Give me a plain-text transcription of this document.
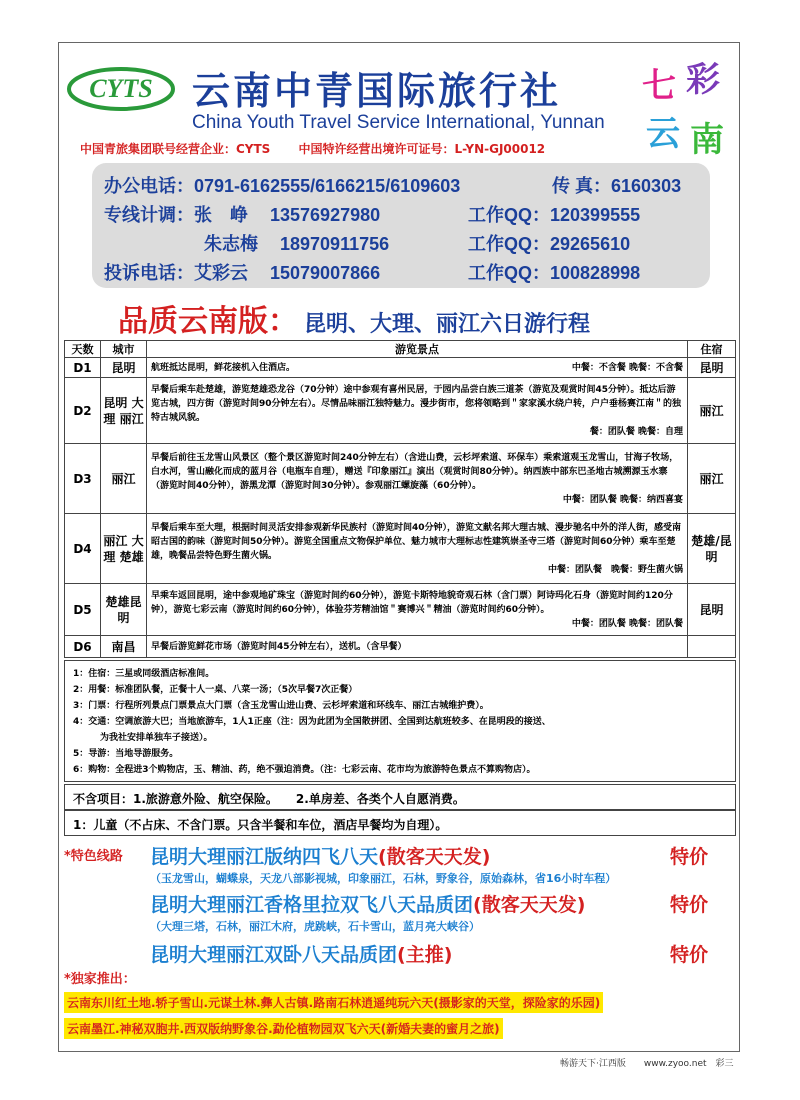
CYTS 云南中青国际旅行社
China Youth Travel Service International, Yunnan
七 彩
云 南
中国青旅集团联号经营企业：CYTS 中国特许经营出境许可证号：L-YN-GJ00012
办公电话：0791-6162555/6166215/6109603	传 真：6160303
专线计调：张　峥 13576927980	工作QQ：120399555
朱志梅 18970911756	工作QQ：29265610
投诉电话：艾彩云 15079007866	工作QQ：100828998
品质云南版： 昆明、大理、丽江六日游行程
天数	城市	游览景点	住宿
D1	昆明	航班抵达昆明，鲜花接机入住酒店。 中餐：不含餐 晚餐：不含餐	昆明
D2	昆明 大理 丽江	早餐后乘车赴楚雄，游览楚雄恐龙谷（70分钟）途中参观有喜州民居，于园内品尝白族三道茶（游览及观赏时间45分钟）。抵达后游览古城，四方街（游览时间90分钟左右）。尽情品味丽江独特魅力。漫步街市，您将领略到＂家家溪水绕户转，户户垂杨赛江南＂的独特古城风貌。
餐：团队餐 晚餐：自理	丽江
D3	丽江	早餐后前往玉龙雪山风景区（整个景区游览时间240分钟左右）（含进山费，云杉坪索道、环保车）乘索道观玉龙雪山，甘海子牧场，白水河，雪山融化而成的蓝月谷（电瓶车自理），赠送『印象丽江』演出（观赏时间80分钟）。纳西族中部东巴圣地古城溯源玉水寨（游览时间40分钟），游黑龙潭（游览时间30分钟）。参观丽江螺旋藻（60分钟）。
中餐：团队餐 晚餐：纳西喜宴	丽江
D4	丽江 大理 楚雄	早餐后乘车至大理，根据时间灵活安排参观新华民族村（游览时间40分钟），游览文献名邦大理古城、漫步驰名中外的洋人街，感受南昭古国的韵味（游览时间50分钟）。游览全国重点文物保护单位、魅力城市大理标志性建筑崇圣寺三塔（游览时间60分钟）乘车至楚雄，晚餐品尝特色野生菌火锅。
中餐：团队餐　晚餐：野生菌火锅	楚雄/昆明
D5	楚雄昆明	早乘车返回昆明，途中参观地矿珠宝（游览时间约60分钟），游览卡斯特地貌奇观石林（含门票）阿诗玛化石身（游览时间约120分钟），游览七彩云南（游览时间约60分钟），体验芬芳精油馆＂赛博兴＂精油（游览时间约60分钟）。
中餐：团队餐 晚餐：团队餐	昆明
D6	南昌	早餐后游览鲜花市场（游览时间45分钟左右），送机。（含早餐）	
1：住宿：三星或同级酒店标准间。
2：用餐：标准团队餐，正餐十人一桌、八菜一汤；（5次早餐7次正餐）
3：门票：行程所列景点门票景点大门票（含玉龙雪山进山费、云杉坪索道和环线车、丽江古城维护费）。
4：交通：空调旅游大巴；当地旅游车，1人1正座（注：因为此团为全国散拼团、全国到达航班较多、在昆明段的接送、
　　　为我社安排单独车子接送）。
5：导游：当地导游服务。
6：购物：全程进3个购物店，玉、精油、药，绝不强迫消费。（注：七彩云南、花市均为旅游特色景点不算购物店）。
不含项目：1.旅游意外险、航空保险。　　2.单房差、各类个人自愿消费。
1：儿童（不占床、不含门票。只含半餐和车位，酒店早餐均为自理）。
*特色线路 昆明大理丽江版纳四飞八天(散客天天发)	特价
（玉龙雪山，蝴蝶泉，天龙八部影视城，印象丽江，石林，野象谷，原始森林，省16小时车程）
昆明大理丽江香格里拉双飞八天品质团(散客天天发)	特价
（大理三塔，石林，丽江木府，虎跳峡，石卡雪山，蓝月亮大峡谷）
昆明大理丽江双卧八天品质团(主推)	特价
*独家推出：
云南东川红土地.轿子雪山.元谋土林.彝人古镇.路南石林逍遥纯玩六天(摄影家的天堂，探险家的乐园)
云南墨江.神秘双胞井.西双版纳野象谷.勐伦植物园双飞六天(新婚夫妻的蜜月之旅)
畅游天下·江西版　　www.zyoo.net　彩三
